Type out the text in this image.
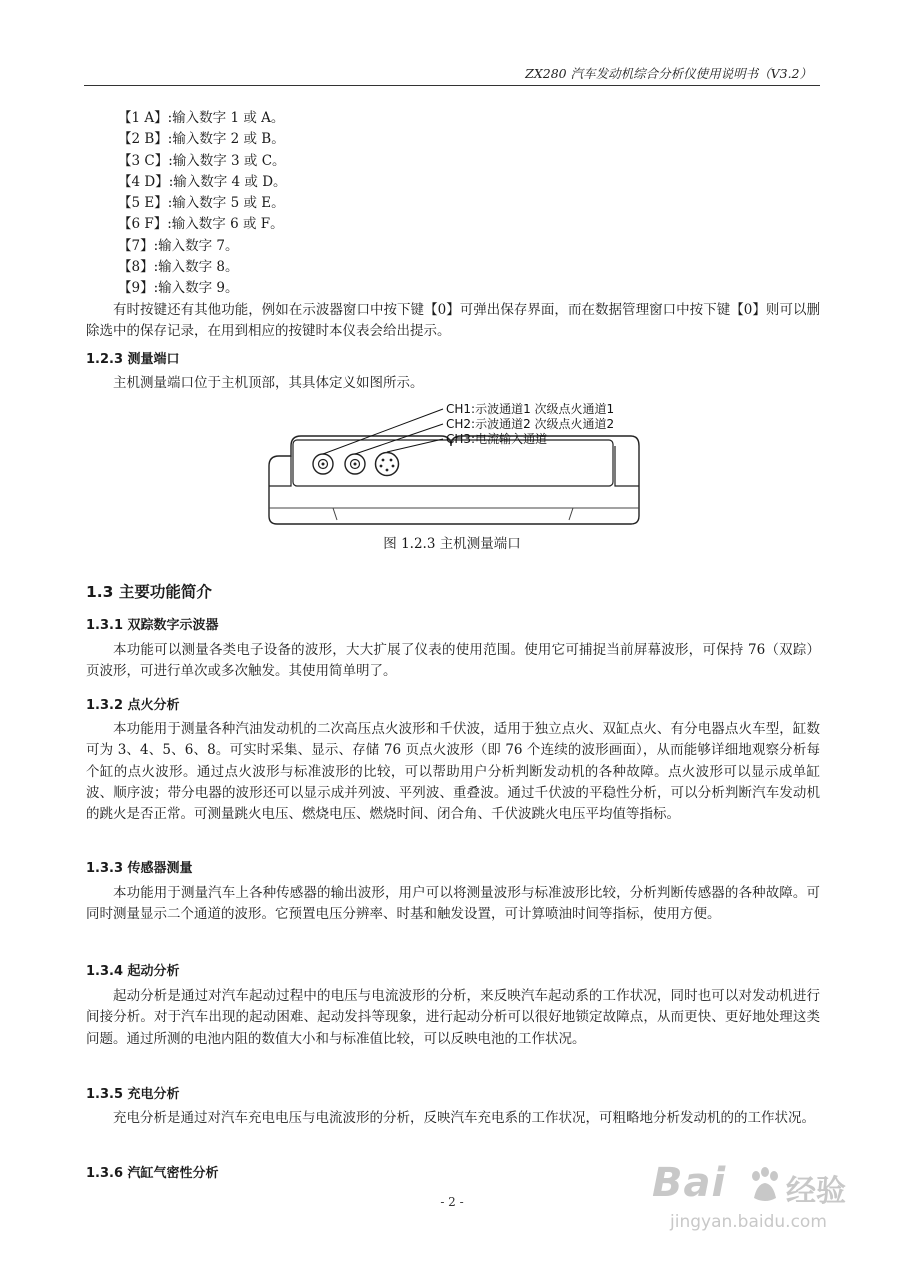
ZX280 汽车发动机综合分析仪使用说明书（V3.2）
【1 A】:输入数字 1 或 A。
【2 B】:输入数字 2 或 B。
【3 C】:输入数字 3 或 C。
【4 D】:输入数字 4 或 D。
【5 E】:输入数字 5 或 E。
【6 F】:输入数字 6 或 F。
【7】:输入数字 7。
【8】:输入数字 8。
【9】:输入数字 9。
有时按键还有其他功能，例如在示波器窗口中按下键【0】可弹出保存界面，而在数据管理窗口中按下键【0】则可以删除选中的保存记录，在用到相应的按键时本仪表会给出提示。
1.2.3 测量端口
主机测量端口位于主机顶部，其具体定义如图所示。
CH1:示波通道1 次级点火通道1
CH2:示波通道2 次级点火通道2
CH3:电流输入通道
图 1.2.3 主机测量端口
1.3 主要功能简介
1.3.1 双踪数字示波器
本功能可以测量各类电子设备的波形，大大扩展了仪表的使用范围。使用它可捕捉当前屏幕波形，可保持 76（双踪）页波形，可进行单次或多次触发。其使用简单明了。
1.3.2 点火分析
本功能用于测量各种汽油发动机的二次高压点火波形和千伏波，适用于独立点火、双缸点火、有分电器点火车型，缸数可为 3、4、5、6、8。可实时采集、显示、存储 76 页点火波形（即 76 个连续的波形画面），从而能够详细地观察分析每个缸的点火波形。通过点火波形与标准波形的比较，可以帮助用户分析判断发动机的各种故障。点火波形可以显示成单缸波、顺序波；带分电器的波形还可以显示成并列波、平列波、重叠波。通过千伏波的平稳性分析，可以分析判断汽车发动机的跳火是否正常。可测量跳火电压、燃烧电压、燃烧时间、闭合角、千伏波跳火电压平均值等指标。
1.3.3 传感器测量
本功能用于测量汽车上各种传感器的输出波形，用户可以将测量波形与标准波形比较，分析判断传感器的各种故障。可同时测量显示二个通道的波形。它预置电压分辨率、时基和触发设置，可计算喷油时间等指标，使用方便。
1.3.4 起动分析
起动分析是通过对汽车起动过程中的电压与电流波形的分析，来反映汽车起动系的工作状况，同时也可以对发动机进行间接分析。对于汽车出现的起动困难、起动发抖等现象，进行起动分析可以很好地锁定故障点，从而更快、更好地处理这类问题。通过所测的电池内阻的数值大小和与标准值比较，可以反映电池的工作状况。
1.3.5 充电分析
充电分析是通过对汽车充电电压与电流波形的分析，反映汽车充电系的工作状况，可粗略地分析发动机的的工作状况。
1.3.6 汽缸气密性分析
- 2 -	Bai 经验
jingyan.baidu.com
